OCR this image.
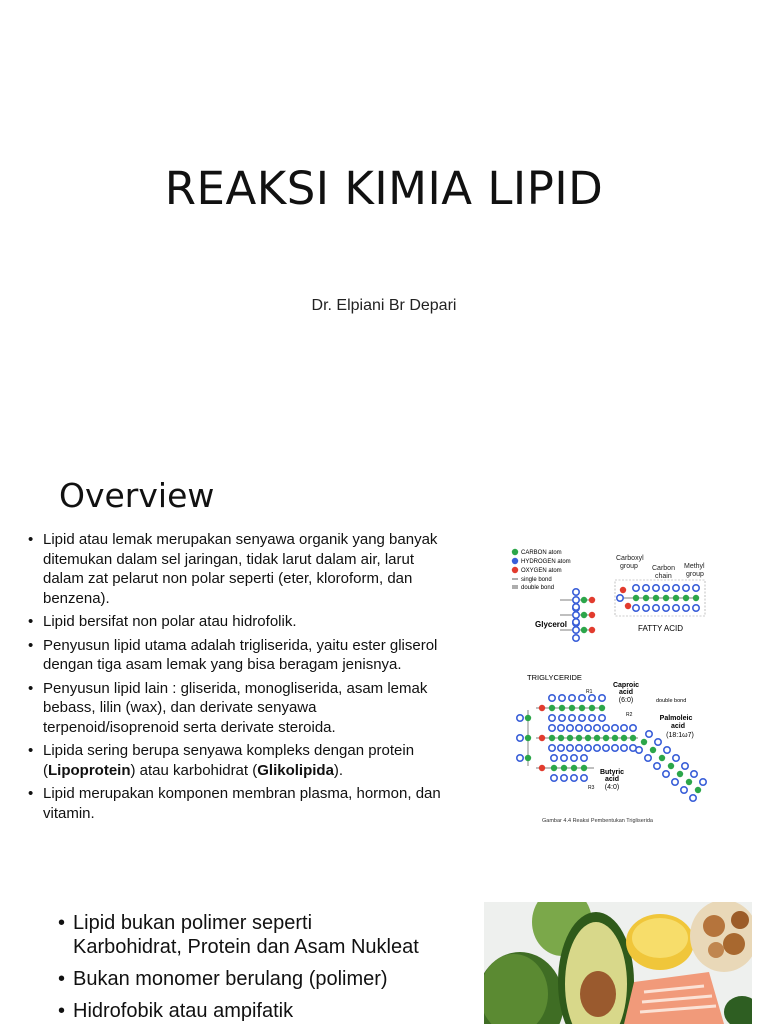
REAKSI KIMIA LIPID
Dr. Elpiani Br Depari
Overview
• Lipid atau lemak merupakan senyawa organik yang banyak
ditemukan dalam sel jaringan, tidak larut dalam air, larut
dalam zat pelarut non polar seperti (eter, kloroform, dan
benzena).
• Lipid bersifat non polar atau hidrofolik.
• Penyusun lipid utama adalah trigliserida, yaitu ester gliserol
dengan tiga asam lemak yang bisa beragam jenisnya.
• Penyusun lipid lain : gliserida, monogliserida, asam lemak
bebass, lilin (wax), dan derivate senyawa
terpenoid/isoprenoid serta derivate steroida.
• Lipida sering berupa senyawa kompleks dengan protein
(Lipoprotein) atau karbohidrat (Glikolipida).
• Lipid merupakan komponen membran plasma, hormon, dan
vitamin.
CARBON atom
HYDROGEN atom
OXYGEN atom
single bond
double bond
Carboxyl
group Carbon
chain
Methyl
group
Glycerol	FATTY ACID
TRIGLYCERIDE
Caproic
acid
(6:0)
Palmoleic
acid
(18:1ω7)
Butyric
acid
(4:0)
double bond
R1
R2
R3
Gambar 4.4 Reaksi Pembentukan Trigliserida
• Lipid bukan polimer seperti
Karbohidrat, Protein dan Asam Nukleat
• Bukan monomer berulang (polimer)
• Hidrofobik atau ampifatik
